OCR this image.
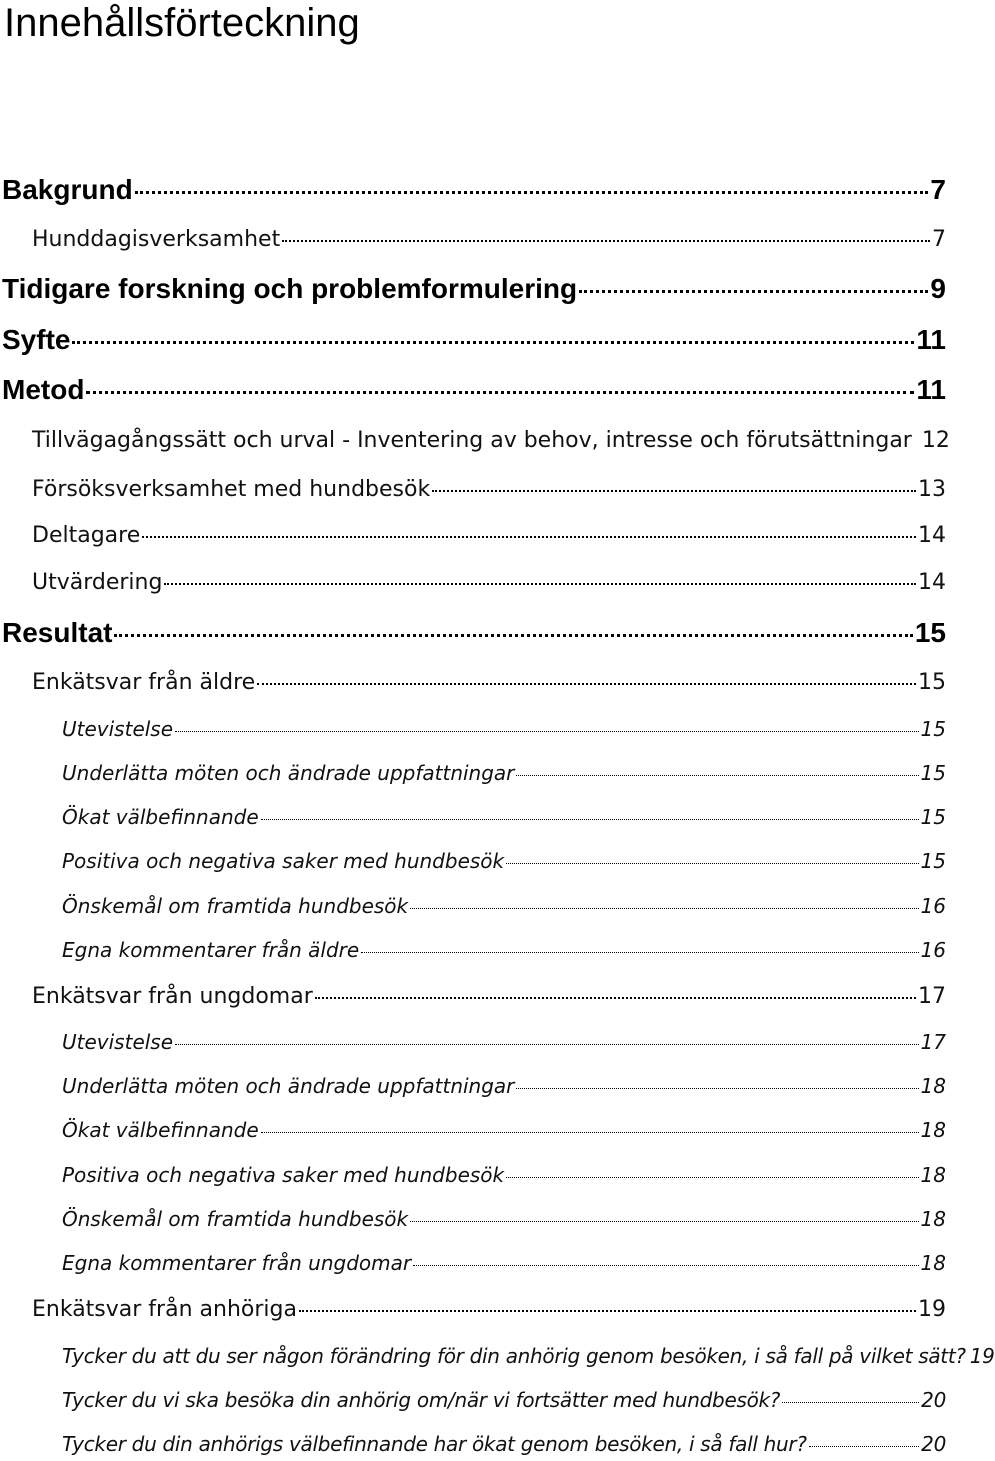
Innehållsförteckning
Bakgrund	7
Hunddagisverksamhet	7
Tidigare forskning och problemformulering	9
Syfte	11
Metod	11
Tillvägagångssätt och urval - Inventering av behov, intresse och förutsättningar 12
Försöksverksamhet med hundbesök	13
Deltagare	14
Utvärdering	14
Resultat	15
Enkätsvar från äldre	15
Utevistelse	15
Underlätta möten och ändrade uppfattningar	15
Ökat välbefinnande	15
Positiva och negativa saker med hundbesök	15
Önskemål om framtida hundbesök	16
Egna kommentarer från äldre	16
Enkätsvar från ungdomar	17
Utevistelse	17
Underlätta möten och ändrade uppfattningar	18
Ökat välbefinnande	18
Positiva och negativa saker med hundbesök	18
Önskemål om framtida hundbesök	18
Egna kommentarer från ungdomar	18
Enkätsvar från anhöriga	19
Tycker du att du ser någon förändring för din anhörig genom besöken, i så fall på vilket sätt? 19
Tycker du vi ska besöka din anhörig om/när vi fortsätter med hundbesök?	20
Tycker du din anhörigs välbefinnande har ökat genom besöken, i så fall hur?	20
